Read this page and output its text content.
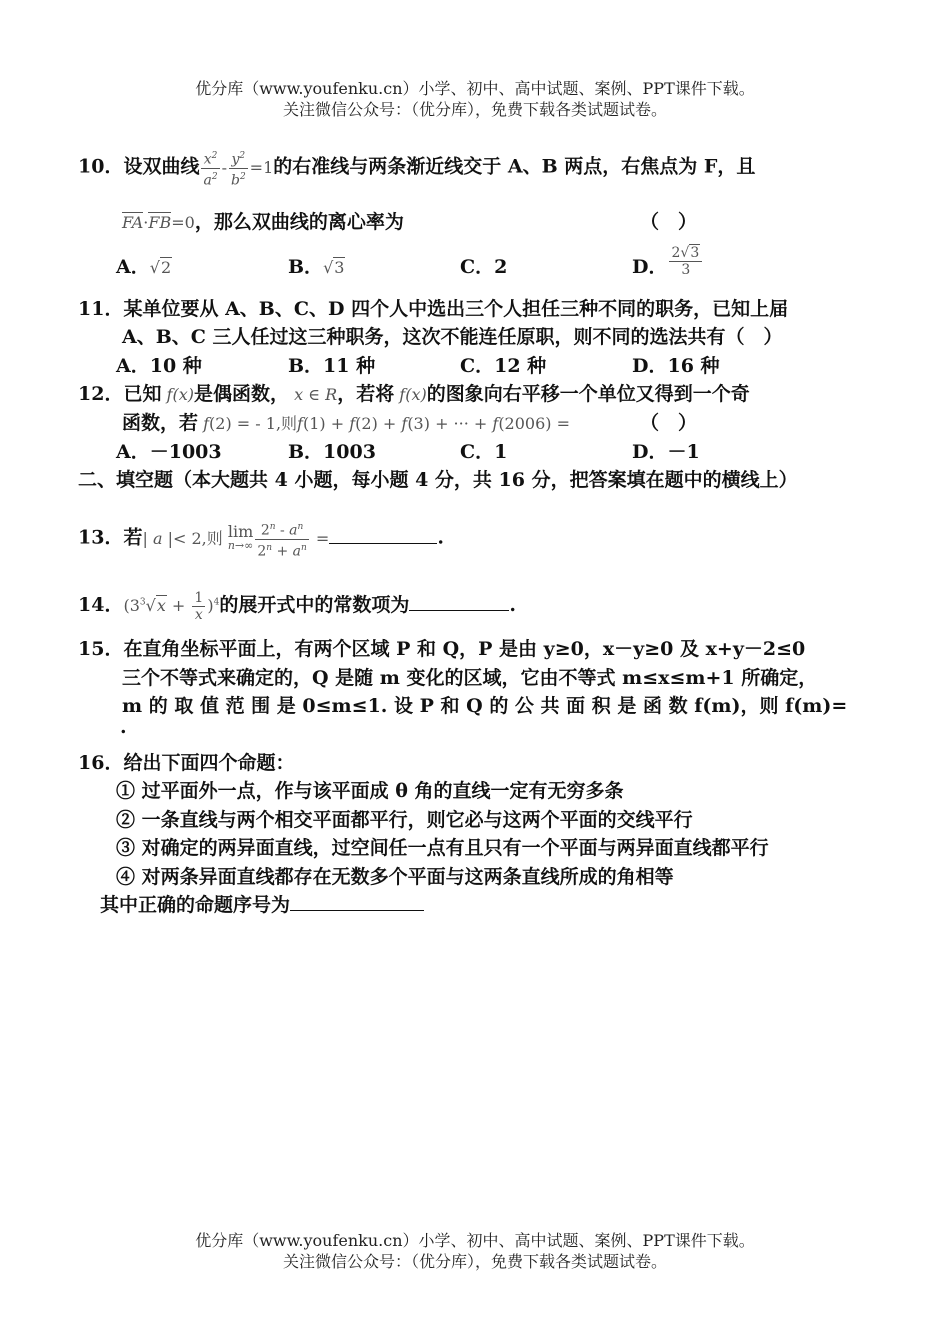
优分库（www.youfenku.cn）小学、初中、高中试题、案例、PPT课件下载。
关注微信公众号：（优分库），免费下载各类试题试卷。
10．设双曲线 $\frac{x^2}{a^2} - \frac{y^2}{b^2} =1$的右准线与两条渐近线交于 A、B 两点，右焦点为 F，且
FA·FB=0，那么双曲线的离心率为	（　）
A．√2	B．√3	C．2	D． $\frac{2√3}{3}$
11．某单位要从 A、B、C、D 四个人中选出三个人担任三种不同的职务，已知上届
A、B、C 三人任过这三种职务，这次不能连任原职，则不同的选法共有（　）
A．10 种	B．11 种	C．12 种	D．16 种
12．已知 f(x)是偶函数， x ∈ R，若将 f(x)的图象向右平移一个单位又得到一个奇
函数，若 f(2) = - 1,则f(1) + f(2) + f(3) + ··· + f(2006) =	（　）
A．－1003	B．1003	C．1	D．－1
二、填空题（本大题共 4 小题，每小题 4 分，共 16 分，把答案填在题中的横线上）
13．若| a |< 2,则 lim
$n\to\infty \frac{2^n - a^n}{2^n + a^n}$ =	.
14．$(3^3√x + \frac{1}{x} )^4$的展开式中的常数项为	.
15．在直角坐标平面上，有两个区域 P 和 Q，P 是由 y≥0，x－y≥0 及 x+y－2≤0
三个不等式来确定的，Q 是随 m 变化的区域，它由不等式 m≤x≤m+1 所确定，
m 的 取 值 范 围 是 0≤m≤1. 设 P 和 Q 的 公 共 面 积 是 函 数 f(m)，则 f(m)=
.
16．给出下面四个命题：
① 过平面外一点，作与该平面成 θ 角的直线一定有无穷多条
② 一条直线与两个相交平面都平行，则它必与这两个平面的交线平行
③ 对确定的两异面直线，过空间任一点有且只有一个平面与两异面直线都平行
④ 对两条异面直线都存在无数多个平面与这两条直线所成的角相等
其中正确的命题序号为
优分库（www.youfenku.cn）小学、初中、高中试题、案例、PPT课件下载。
关注微信公众号：（优分库），免费下载各类试题试卷。
